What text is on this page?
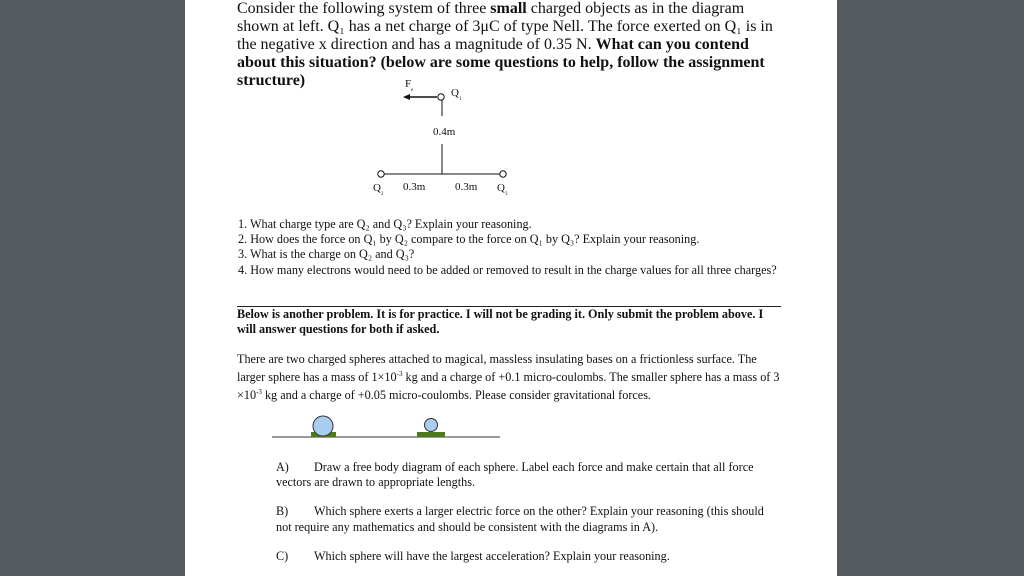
Consider the following system of three small charged objects as in the diagram shown at left. Q₁ has a net charge of 3μC of type Nell. The force exerted on Q₁ is in the negative x direction and has a magnitude of 0.35 N. What can you contend about this situation? (below are some questions to help, follow the assignment structure)	F
e	Q
1
0.4m
Q
2
0.3m	0.3m Q
3
1. What charge type are Q₂ and Q₃? Explain your reasoning.
2. How does the force on Q₁ by Q₂ compare to the force on Q₁ by Q₃? Explain your reasoning.
3. What is the charge on Q₂ and Q₃?
4. How many electrons would need to be added or removed to result in the charge values for all three charges?

Below is another problem. It is for practice. I will not be grading it. Only submit the problem above. I will answer questions for both if asked.

There are two charged spheres attached to magical, massless insulating bases on a frictionless surface. The larger sphere has a mass of $1\times 10^{-3}$ kg and a charge of +0.1 micro-coulombs. The smaller sphere has a mass of $3 \times 10^{-3}$ kg and a charge of +0.05 micro-coulombs. Please consider gravitational forces.

A) Draw a free body diagram of each sphere. Label each force and make certain that all force vectors are drawn to appropriate lengths.
B) Which sphere exerts a larger electric force on the other? Explain your reasoning (this should not require any mathematics and should be consistent with the diagrams in A).
C) Which sphere will have the largest acceleration? Explain your reasoning.
